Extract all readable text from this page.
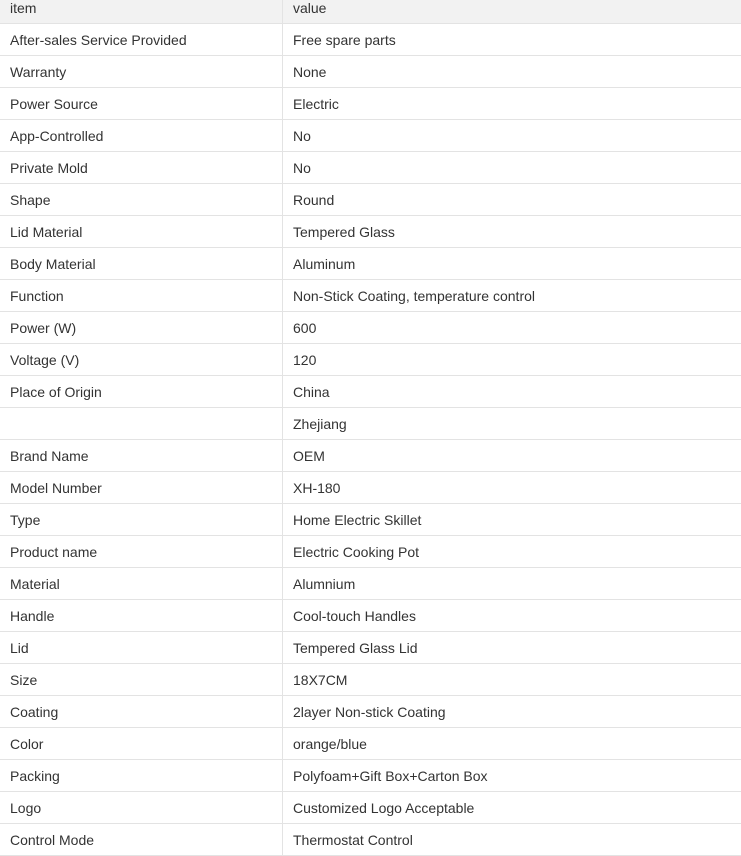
item	value
After-sales Service Provided	Free spare parts
Warranty	None
Power Source	Electric
App-Controlled	No
Private Mold	No
Shape	Round
Lid Material	Tempered Glass
Body Material	Aluminum
Function	Non-Stick Coating, temperature control
Power (W)	600
Voltage (V)	120
Place of Origin	China
	Zhejiang
Brand Name	OEM
Model Number	XH-180
Type	Home Electric Skillet
Product name	Electric Cooking Pot
Material	Alumnium
Handle	Cool-touch Handles
Lid	Tempered Glass Lid
Size	18X7CM
Coating	2layer Non-stick Coating
Color	orange/blue
Packing	Polyfoam+Gift Box+Carton Box
Logo	Customized Logo Acceptable
Control Mode	Thermostat Control
